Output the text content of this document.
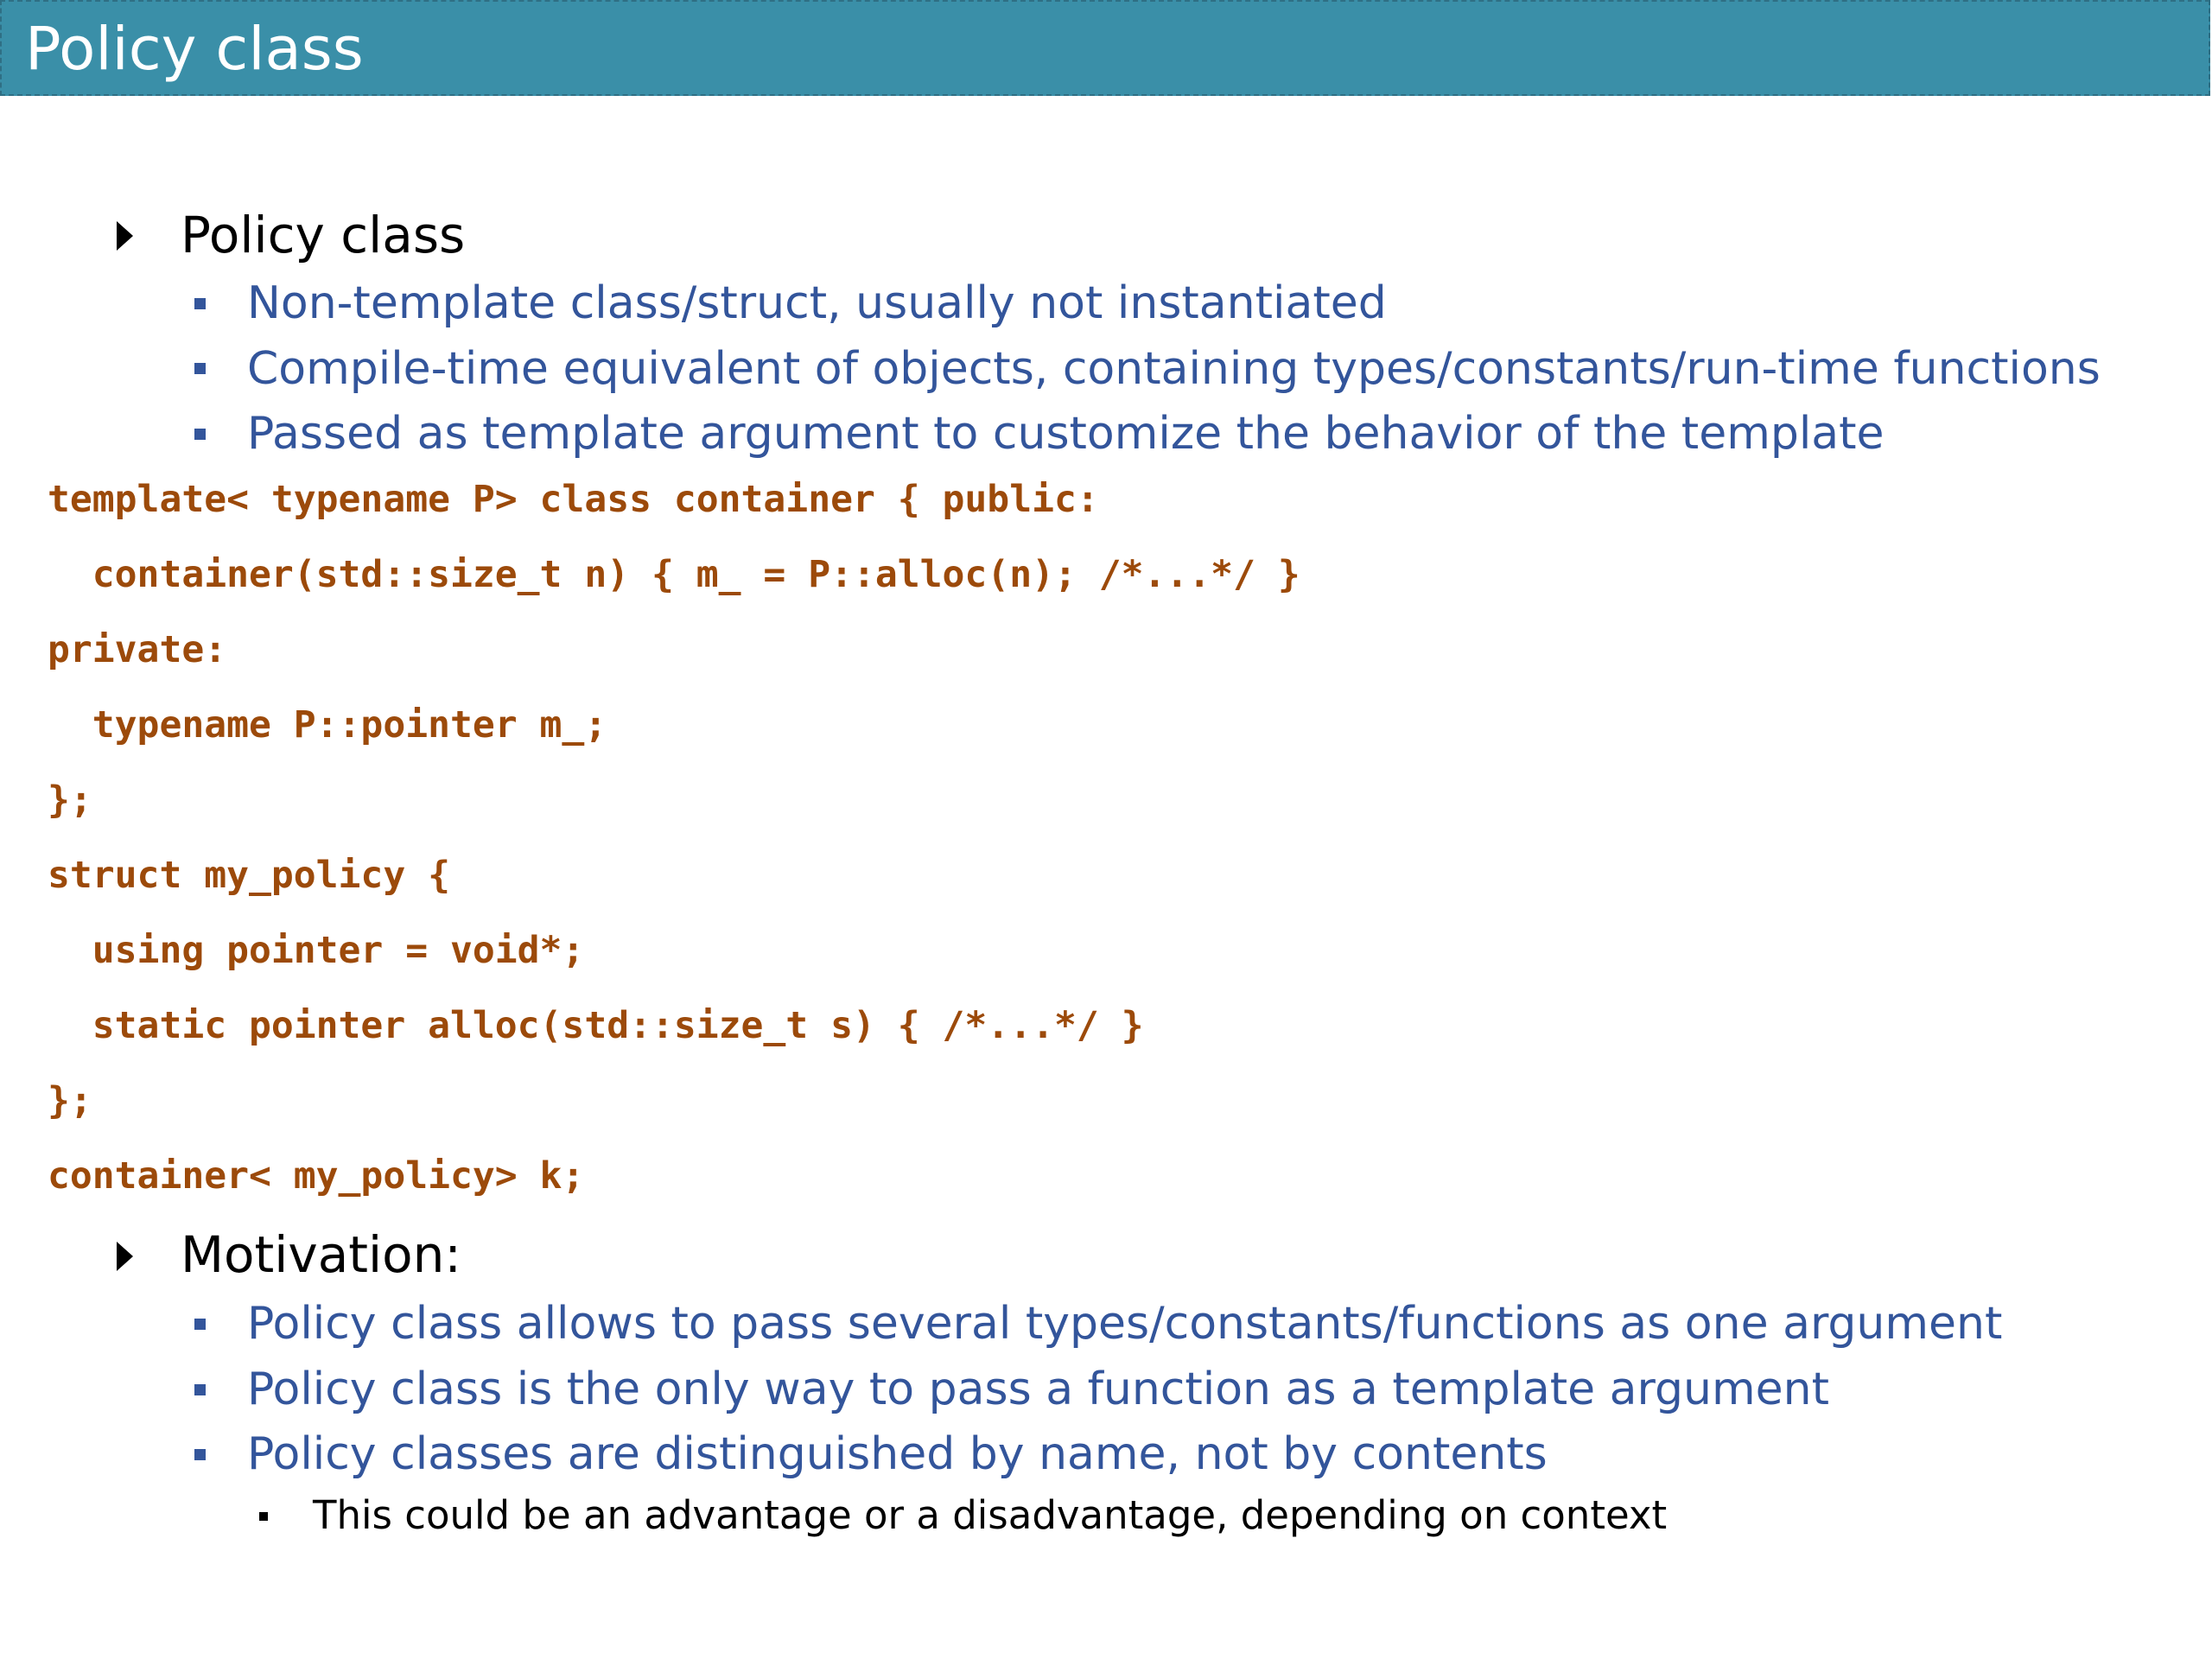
Policy class
Policy class
Non-template class/struct, usually not instantiated
Compile-time equivalent of objects, containing types/constants/run-time functions
Passed as template argument to customize the behavior of the template
template< typename P> class container { public:
container(std::size_t n) { m_ = P::alloc(n); /*...*/ }
private:
typename P::pointer m_;
};
struct my_policy {
using pointer = void*;
static pointer alloc(std::size_t s) { /*...*/ }
};
container< my_policy> k;
Motivation:
Policy class allows to pass several types/constants/functions as one argument
Policy class is the only way to pass a function as a template argument
Policy classes are distinguished by name, not by contents
This could be an advantage or a disadvantage, depending on context
